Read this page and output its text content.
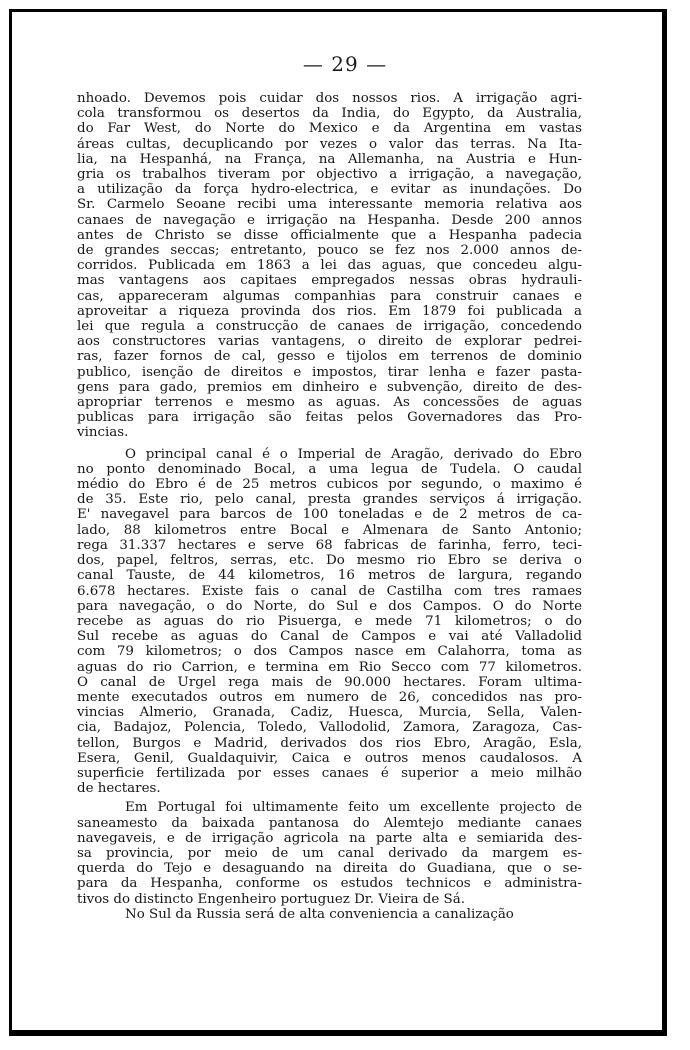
— 29 —
nhoado. Devemos pois cuidar dos nossos rios. A irrigação agri-
cola transformou os desertos da India, do Egypto, da Australia,
do Far West, do Norte do Mexico e da Argentina em vastas
áreas cultas, decuplicando por vezes o valor das terras. Na Ita-
lia, na Hespanhá, na França, na Allemanha, na Austria e Hun-
gria os trabalhos tiveram por objectivo a irrigação, a navegação,
a utilização da força hydro-electrica, e evitar as inundações. Do
Sr. Carmelo Seoane recibi uma interessante memoria relativa aos
canaes de navegação e irrigação na Hespanha. Desde 200 annos
antes de Christo se disse officialmente que a Hespanha padecia
de grandes seccas; entretanto, pouco se fez nos 2.000 annos de-
corridos. Publicada em 1863 a lei das aguas, que concedeu algu-
mas vantagens aos capitaes empregados nessas obras hydrauli-
cas, appareceram algumas companhias para construir canaes e
aproveitar a riqueza provinda dos rios. Em 1879 foi publicada a
lei que regula a construcção de canaes de irrigação, concedendo
aos constructores varias vantagens, o direito de explorar pedrei-
ras, fazer fornos de cal, gesso e tijolos em terrenos de dominio
publico, isenção de direitos e impostos, tirar lenha e fazer pasta-
gens para gado, premios em dinheiro e subvenção, direito de des-
apropriar terrenos e mesmo as aguas. As concessões de aguas
publicas para irrigação são feitas pelos Governadores das Pro-
vincias.
O principal canal é o Imperial de Aragão, derivado do Ebro
no ponto denominado Bocal, a uma legua de Tudela. O caudal
médio do Ebro é de 25 metros cubicos por segundo, o maximo é
de 35. Este rio, pelo canal, presta grandes serviços á irrigação.
E' navegavel para barcos de 100 toneladas e de 2 metros de ca-
lado, 88 kilometros entre Bocal e Almenara de Santo Antonio;
rega 31.337 hectares e serve 68 fabricas de farinha, ferro, teci-
dos, papel, feltros, serras, etc. Do mesmo rio Ebro se deriva o
canal Tauste, de 44 kilometros, 16 metros de largura, regando
6.678 hectares. Existe fais o canal de Castilha com tres ramaes
para navegação, o do Norte, do Sul e dos Campos. O do Norte
recebe as aguas do rio Pisuerga, e mede 71 kilometros; o do
Sul recebe as aguas do Canal de Campos e vai até Valladolid
com 79 kilometros; o dos Campos nasce em Calahorra, toma as
aguas do rio Carrion, e termina em Rio Secco com 77 kilometros.
O canal de Urgel rega mais de 90.000 hectares. Foram ultima-
mente executados outros em numero de 26, concedidos nas pro-
vincias Almerio, Granada, Cadiz, Huesca, Murcia, Sella, Valen-
cia, Badajoz, Polencia, Toledo, Vallodolid, Zamora, Zaragoza, Cas-
tellon, Burgos e Madrid, derivados dos rios Ebro, Aragão, Esla,
Esera, Genil, Gualdaquivir, Caica e outros menos caudalosos. A
superficie fertilizada por esses canaes é superior a meio milhão
de hectares.
Em Portugal foi ultimamente feito um excellente projecto de
saneamesto da baixada pantanosa do Alemtejo mediante canaes
navegaveis, e de irrigação agricola na parte alta e semiarida des-
sa provincia, por meio de um canal derivado da margem es-
querda do Tejo e desaguando na direita do Guadiana, que o se-
para da Hespanha, conforme os estudos technicos e administra-
tivos do distincto Engenheiro portuguez Dr. Vieira de Sá.
No Sul da Russia será de alta conveniencia a canalização
